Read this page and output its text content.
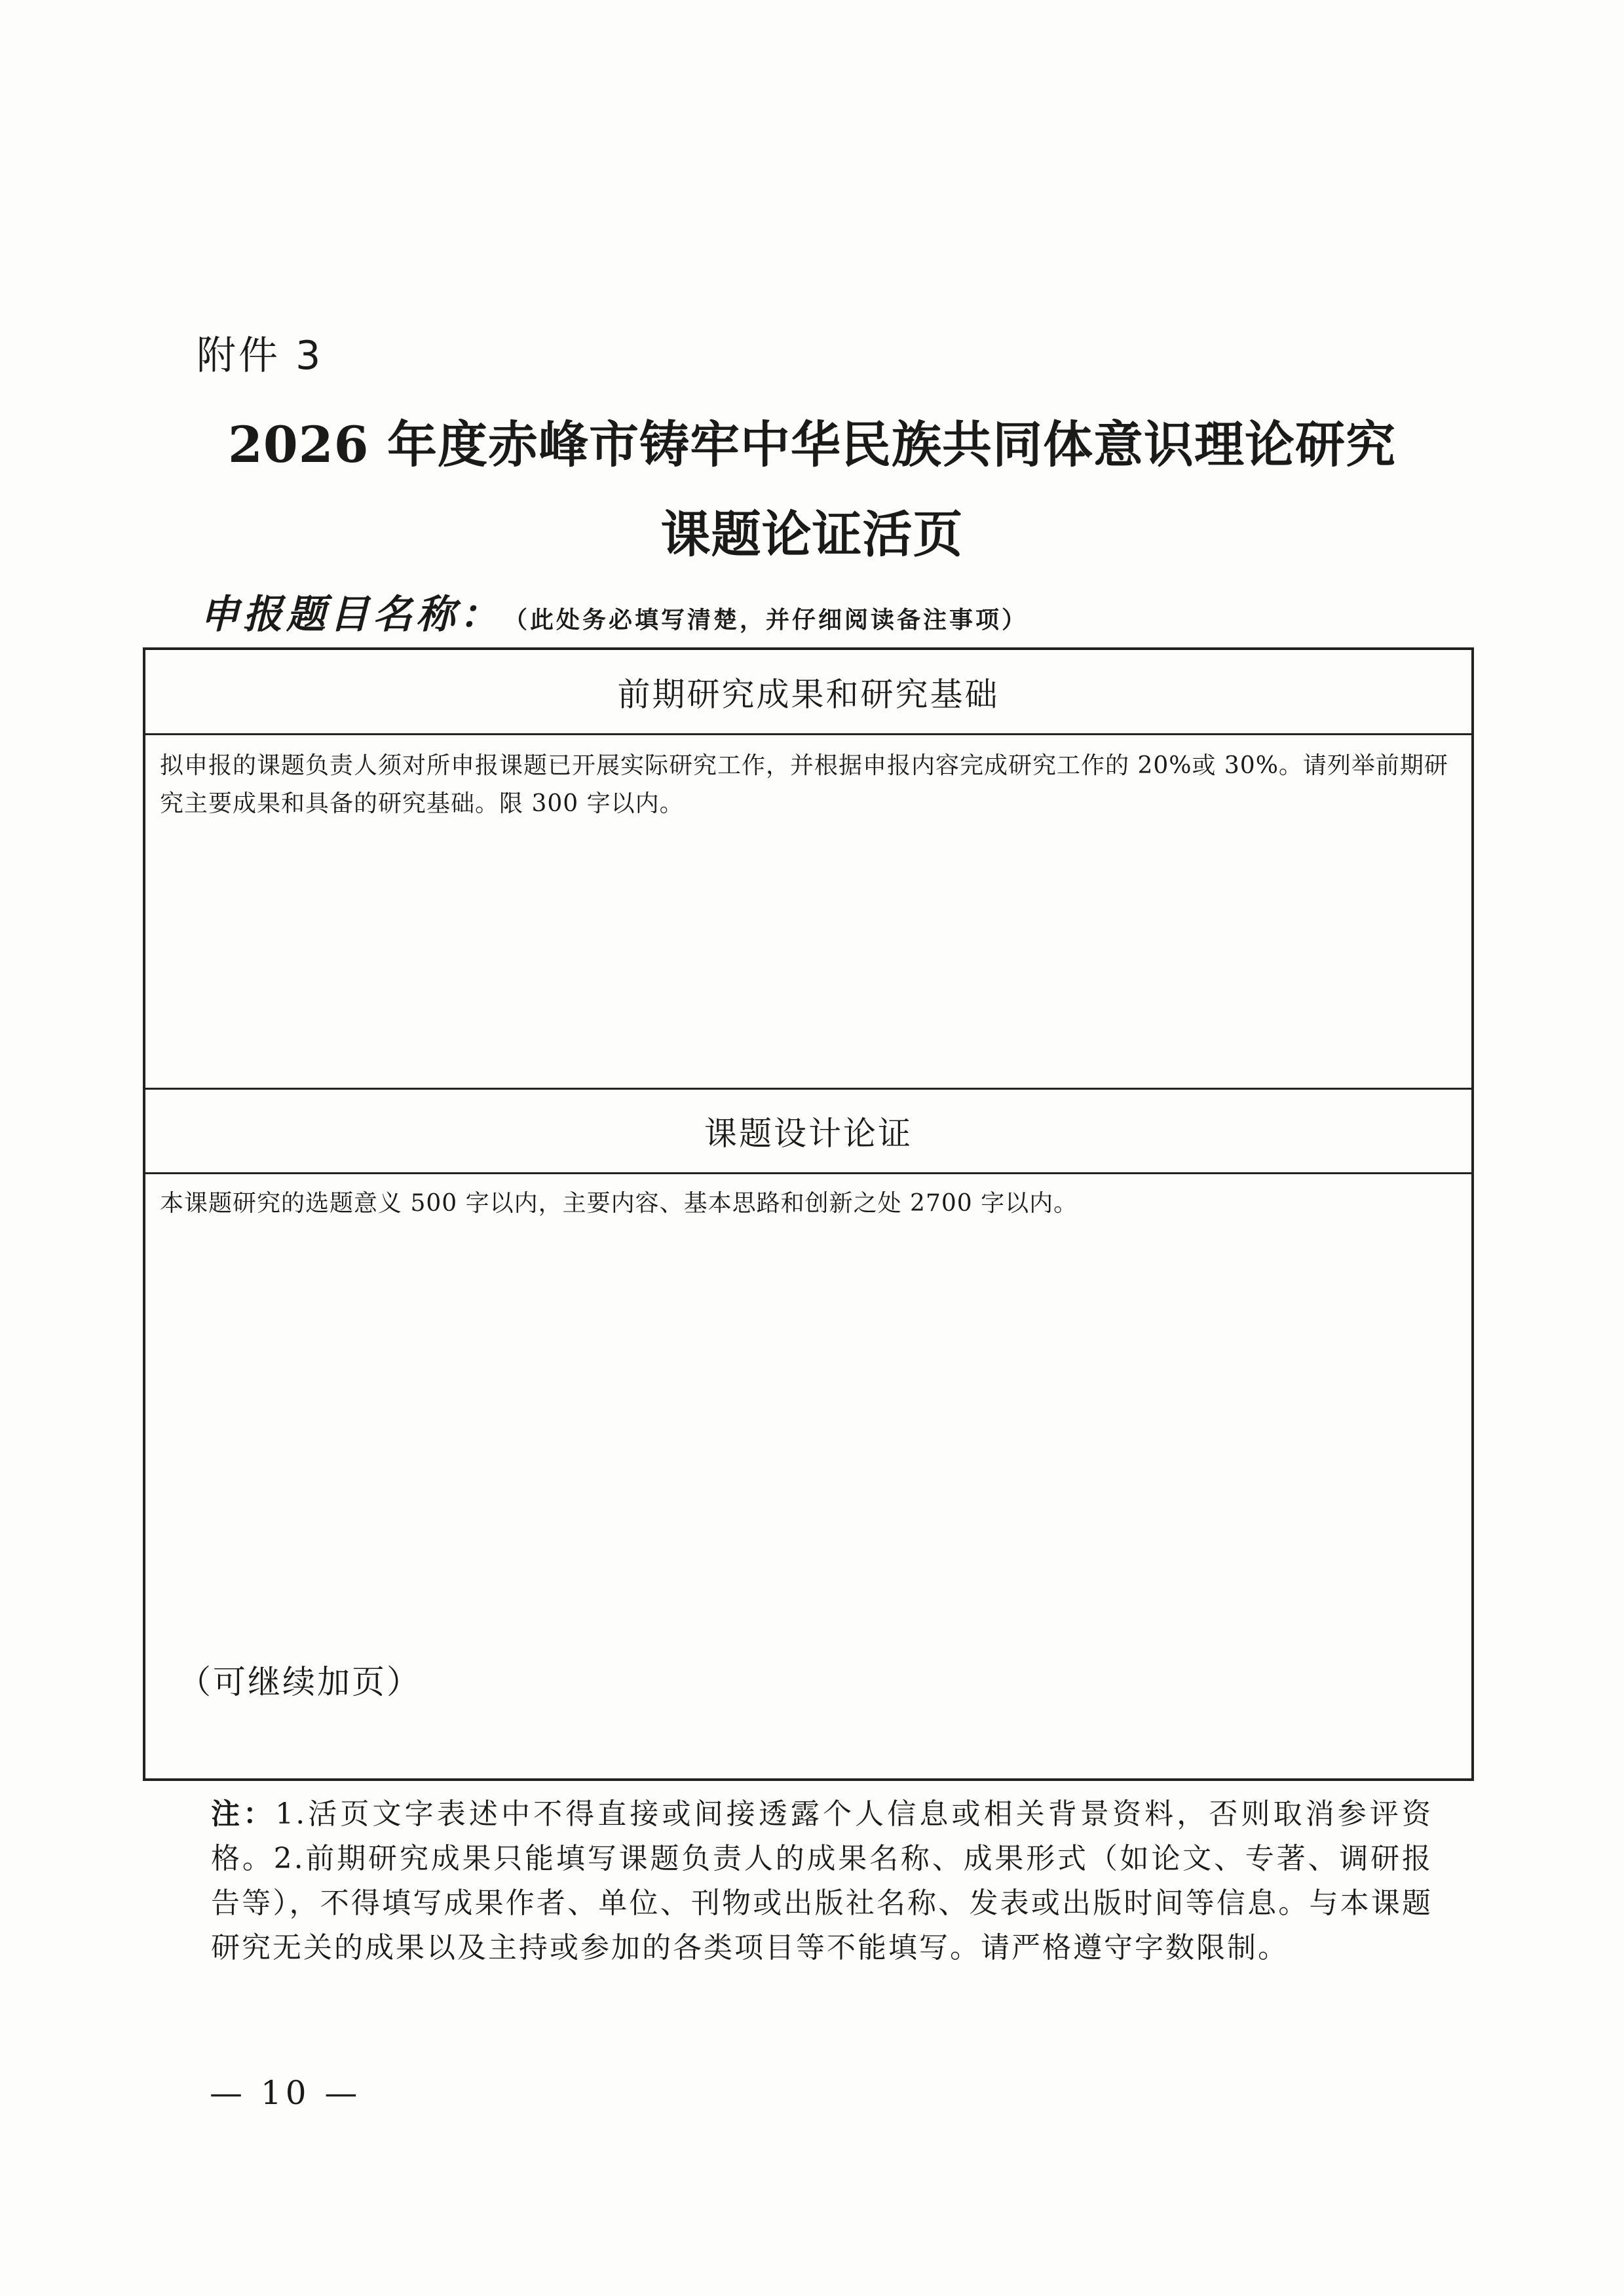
附件 3
2026 年度赤峰市铸牢中华民族共同体意识理论研究
课题论证活页
申报题目名称： （此处务必填写清楚，并仔细阅读备注事项）
前期研究成果和研究基础
拟申报的课题负责人须对所申报课题已开展实际研究工作，并根据申报内容完成研究工作的 20%或 30%。请列举前期研究主要成果和具备的研究基础。限 300 字以内。
课题设计论证
本课题研究的选题意义 500 字以内，主要内容、基本思路和创新之处 2700 字以内。
（可继续加页）
注：1.活页文字表述中不得直接或间接透露个人信息或相关背景资料，否则取消参评资格。2.前期研究成果只能填写课题负责人的成果名称、成果形式（如论文、专著、调研报告等），不得填写成果作者、单位、刊物或出版社名称、发表或出版时间等信息。与本课题研究无关的成果以及主持或参加的各类项目等不能填写。请严格遵守字数限制。
— 10 —
